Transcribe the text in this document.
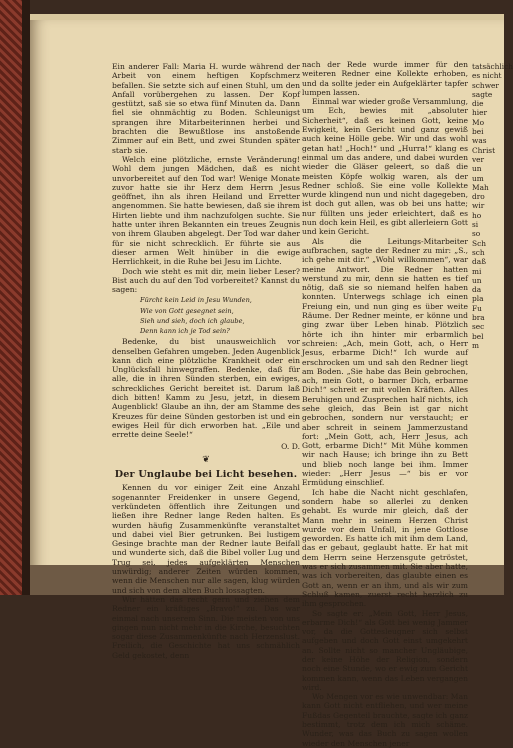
Ein anderer Fall: Maria H. wurde während der Arbeit von einem heftigen Kopfschmerz befallen. Sie setzte sich auf einen Stuhl, um den Anfall vorübergehen zu lassen. Der Kopf gestützt, saß sie so etwa fünf Minuten da. Dann fiel sie ohnmächtig zu Boden. Schleunigst sprangen ihre Mitarbeiterinnen herbei und brachten die Bewußtlose ins anstoßende Zimmer auf ein Bett, und zwei Stunden später starb sie.

Welch eine plötzliche, ernste Veränderung! Wohl dem jungen Mädchen, daß es nicht unvorbereitet auf den Tod war! Wenige Monate zuvor hatte sie ihr Herz dem Herrn Jesus geöffnet, ihn als ihren Heiland und Erretter angenommen. Sie hatte bewiesen, daß sie ihrem Hirten liebte und ihm nachzufolgen suchte. Sie hatte unter ihren Bekannten ein treues Zeugnis von ihrem Glauben abgelegt. Der Tod war daher für sie nicht schrecklich. Er führte sie aus dieser armen Welt hinüber in die ewige Herrlichkeit, in die Ruhe bei Jesu im Lichte.

Doch wie steht es mit dir, mein lieber Leser? Bist auch du auf den Tod vorbereitet? Kannst du sagen:

Fürcht kein Leid in Jesu Wunden,
Wie von Gott gesegnet sein,
Sieh und sieh, doch ich glaube,
Denn kann ich je Tod sein?

Bedenke, du bist unausweichlich vor denselben Gefahren umgeben. Jeden Augenblick kann dich eine plötzliche Krankheit oder ein Unglücksfall hinwegraffen. Bedenke, daß für alle, die in ihren Sünden sterben, ein ewiges, schreckliches Gericht bereitet ist. Darum laß dich bitten! Kamm zu Jesu, jetzt, in diesem Augenblick! Glaube an ihn, der am Stamme des Kreuzes für deine Sünden gestorben ist und ein ewiges Heil für dich erworben hat. „Eile und errette deine Seele!“

O. D.
❦
Der Unglaube bei Licht besehen.

Kennen du vor einiger Zeit eine Anzahl sogenannter Freidenker in unsere Gegend, verkündeten öffentlich ihre Zeitungen und ließen ihre Redner lange Reden halten. Es wurden häufig Zusammenkünfte veranstaltet und dabei viel Bier getrunken. Bei lustigem Gesinge brachte man der Redner laute Beifall und wunderte sich, daß die Bibel voller Lug und Trug sei, jedes aufgeklärten Menschen unwürdig; anderer Zeiten würden kommen, wenn die Menschen nur alle sagen, klug würden und sich von dem alten Buch lossagten.

Wir hätten das recht gern und ziehen dem Redner ein kräftiges „Bravo!“ zu. Das war einmal nach unserem Sinn. Die meisten von uns gingen nun nicht mehr in die Kirche, besuchten sogar diese Zusammenkünfte nach Herzenslust. Freilich, die Geschichte hat uns schmählich Geld gekostet, denn

nach der Rede wurde immer für den weiteren Redner eine Kollekte erhoben, und da sollte jeder ein Aufgeklärter tapfer lumpen lassen.

Einmal war wieder große Versammlung, um Ech, bewies mit „absoluter Sicherheit“, daß es keinen Gott, keine Ewigkeit, kein Gericht und ganz gewiß auch keine Hölle gebe. Wir und das wohl getan hat! „Hoch!“ und „Hurra!“ klang es einmal um das andere, und dabei wurden wieder die Gläser geleert, so daß die meisten Köpfe wolkig waren, als der Redner schloß. Sie eine volle Kollekte wurde klingend nun und nicht dagegeben, ist doch gut allen, was ob bei uns hatte; nur füllten uns jeder erleichtert, daß es nun doch kein Heil, es gibt allerleiern Gott und kein Gericht.

Als die Leitungs-Mitarbeiter aufbrachen, sagte der Redner zu mir: „S., ich gehe mit dir.“ „Wohl willkommen“, war meine Antwort. Die Redner hatten werstund zu mir, denn sie hatten es tief nötig, daß sie so niemand helfen haben konnten. Unterwegs schlage ich einen Freiung ein, und nun ging es über weite Räume. Der Redner meinte, er könne und ging zwar über Leben hinab. Plötzlich hörte ich ihn hinter mir erbarmlich schreien: „Ach, mein Gott, ach, o Herr Jesus, erbarme Dich!“ Ich wurde auf erschrocken um und sah den Redner liegt am Boden. „Sie habe das Bein gebrochen, ach, mein Gott, o barmer Dich, erbarme Dich!“ schreit er mit vollen Kräften. Alles Beruhigen und Zusprechen half nichts, ich sehe gleich, das Bein ist gar nicht gebrochen, sondern nur verstaucht; er aber schreit in seinem Jammerzustand fort: „Mein Gott, ach, Herr Jesus, ach Gott, erbarme Dich!“ Mit Mühe kommen wir nach Hause; ich bringe ihn zu Bett und blieb noch lange bei ihm. Immer wieder: „Herr Jesus —“ bis er vor Ermüdung einschlief.

Ich habe die Nacht nicht geschlafen, sondern habe so allerlei zu denken gehabt. Es wurde mir gleich, daß der Mann mehr in seinem Herzen Christ wurde vor dem Unfall, in jene Gottlose geworden. Es hatte ich mit ihm dem Land, das er gebaut, geglaubt hatte. Er hat mit dem Herrn seine Herzensgute getröstet, was er sich zusammen mit. Sie aber hatte, was ich vorbereiten, das glaubte einen es Gott an, wenn er an ihm, und als wir zum Schluß kamen, zuerst recht herzlich zu ihm gesprochen.

So sagte er: „Mein Gott, Herr Jesus, erbarme Dich!“ als Gott bei wenig Jammer vor, da die Gottesleugner sich selbst aufgeben und doch Gott einst umgekehrt an. Sollte nicht so mancher Ungläubige, der keine Höhe der Religion, sondern noch eine Stunde, wo er ewig zum Gericht kommen kann, wenn das Leben vergangen wird.

Wo Mengen vor es wie unwendbar: Man kann Gott nicht entfliehen, und wer meine Fußdas Gegenteil brauchte, sagte ich ganz bestimmt, trotz dem ich mich schäme. Wunder, was das Buch zu sagen wollen wieder den Menschen jener

tatsächlich
es nicht
schwer
sagte
die
hier
Mo
bei
was
Christ
ver
un
um
Mah
dro
wir
ho
si
so
Sch
sch
daß
mi
un
da
pla
Fu
bra
sec
bel
m
